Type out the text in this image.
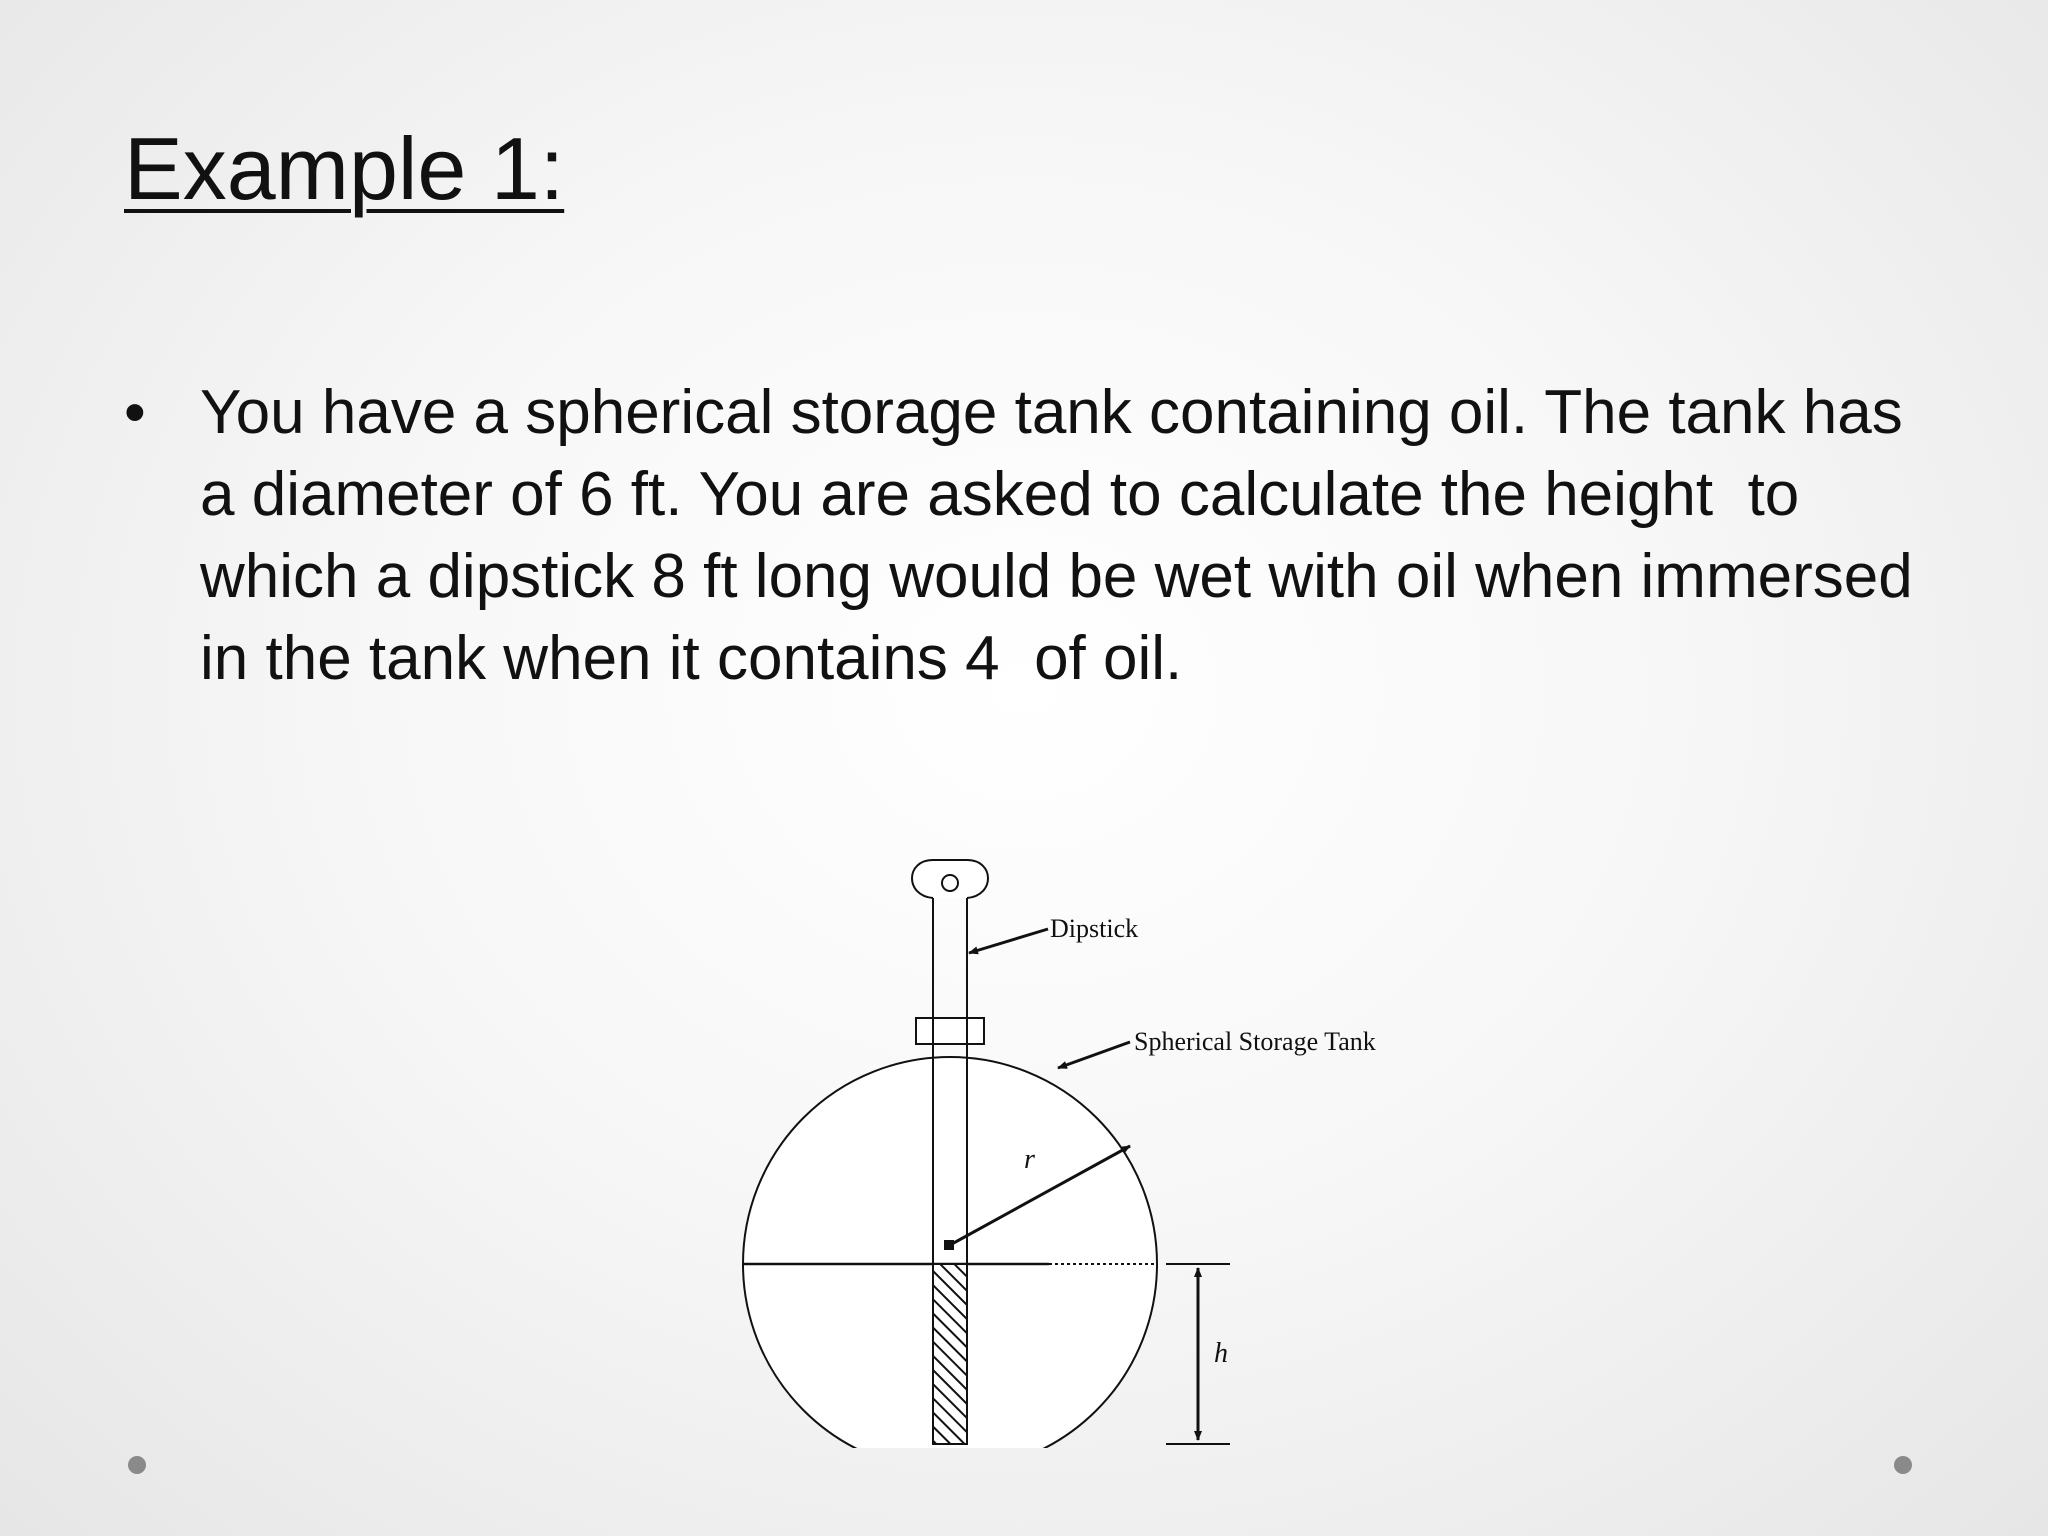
Example 1:
• You have a spherical storage tank containing oil. The tank has a diameter of 6 ft. You are asked to calculate the height  to which a dipstick 8 ft long would be wet with oil when immersed in the tank when it contains 4  of oil.
Dipstick
Spherical Storage Tank
r
h
